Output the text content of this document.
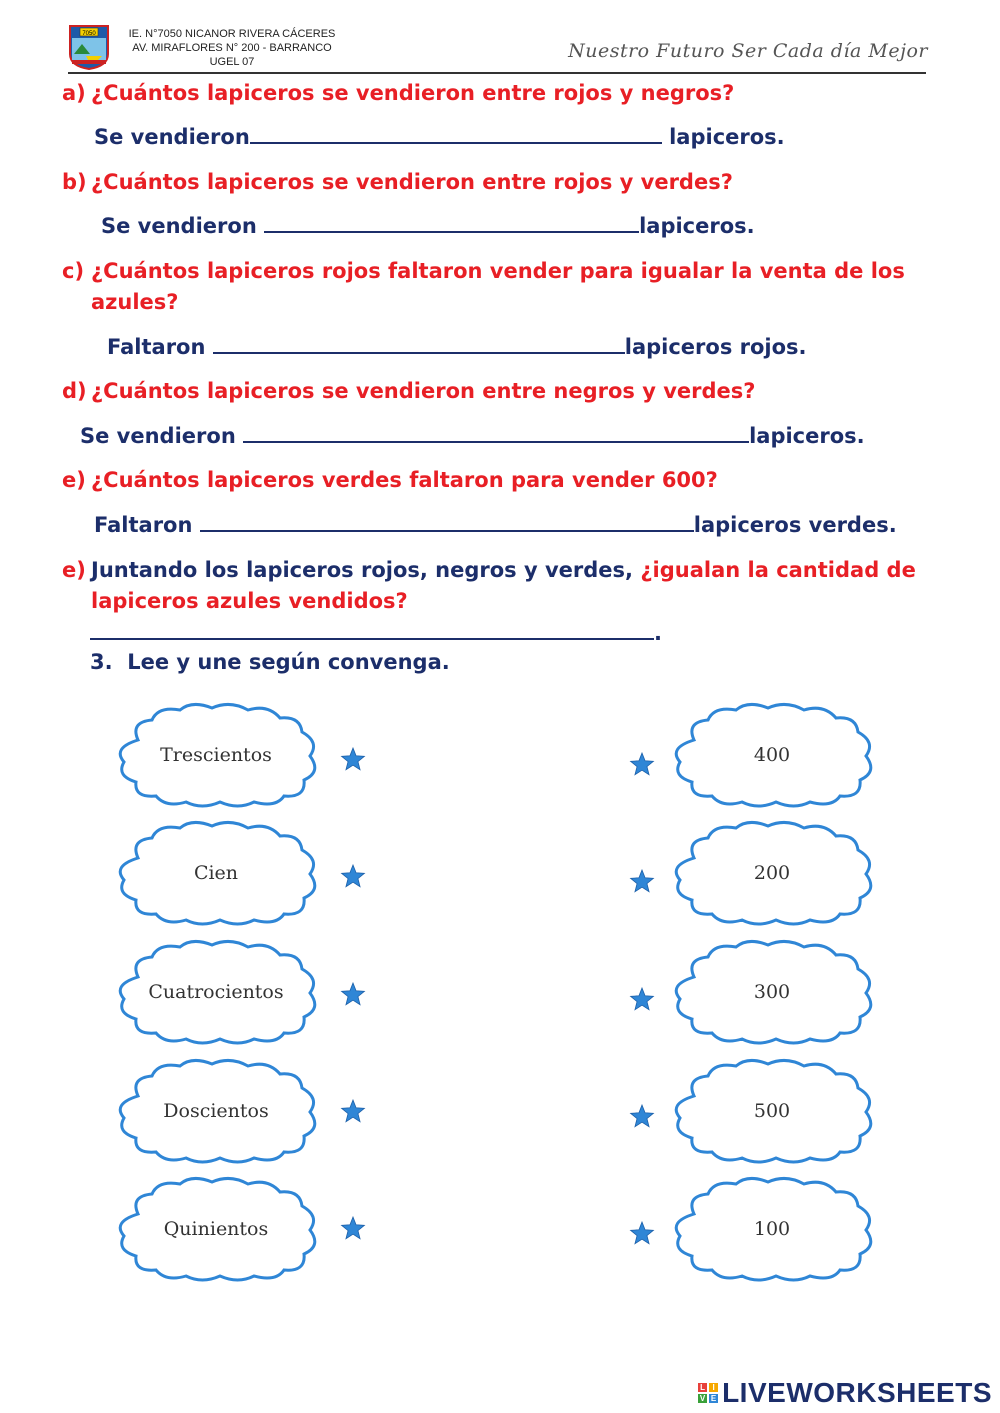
7050	IE. N°7050 NICANOR RIVERA CÁCERES
AV. MIRAFLORES N° 200 - BARRANCO
UGEL 07	Nuestro Futuro Ser Cada día Mejor
a) ¿Cuántos lapiceros se vendieron entre rojos y negros?
Se vendieron	lapiceros.
b) ¿Cuántos lapiceros se vendieron entre rojos y verdes?
Se vendieron	lapiceros.
c) ¿Cuántos lapiceros rojos faltaron vender para igualar la venta de los
azules?
Faltaron	lapiceros rojos.
d) ¿Cuántos lapiceros se vendieron entre negros y verdes?
Se vendieron	lapiceros.
e) ¿Cuántos lapiceros verdes faltaron para vender 600?
Faltaron	lapiceros verdes.
e) Juntando los lapiceros rojos, negros y verdes, ¿igualan la cantidad de
lapiceros azules vendidos?
.
3. Lee y une según convenga.
Trescientos
Cien
Cuatrocientos
Doscientos
Quinientos
400
200
300
500
100
L I
V E LIVEWORKSHEETS
